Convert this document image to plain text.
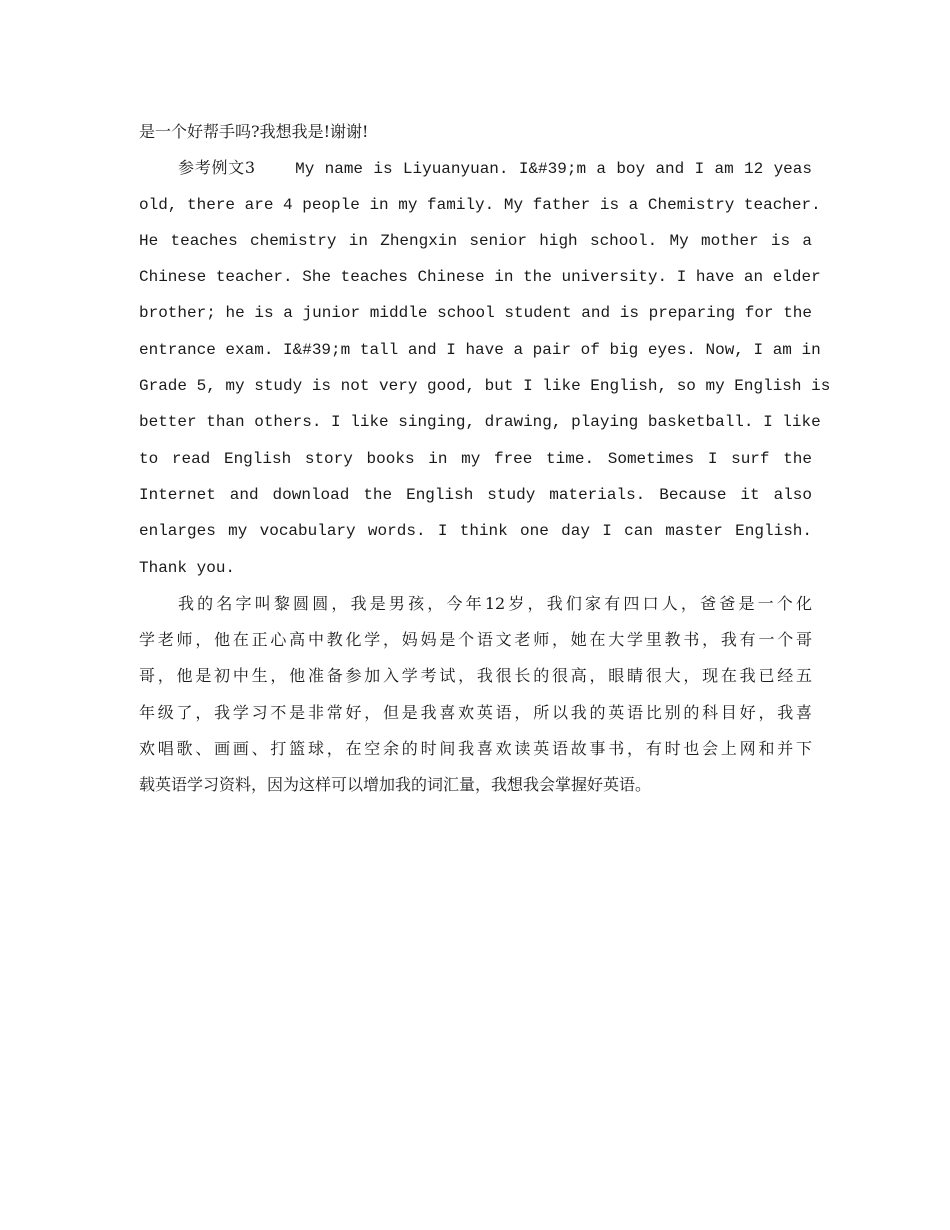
是一个好帮手吗?我想我是!谢谢!
参考例文3	My name is Liyuanyuan. I&#39;m a boy and I am 12 yeas
old, there are 4 people in my family. My father is a Chemistry teacher.
He teaches chemistry in Zhengxin senior high school. My mother is a
Chinese teacher. She teaches Chinese in the university. I have an elder
brother; he is a junior middle school student and is preparing for the
entrance exam. I&#39;m tall and I have a pair of big eyes. Now, I am in
Grade 5, my study is not very good, but I like English, so my English is
better than others. I like singing, drawing, playing basketball. I like
to read English story books in my free time. Sometimes I surf the
Internet and download the English study materials. Because it also
enlarges my vocabulary words. I think one day I can master English.
Thank you.
我的名字叫黎圆圆，我是男孩，今年12岁，我们家有四口人，爸爸是一个化
学老师，他在正心高中教化学，妈妈是个语文老师，她在大学里教书，我有一个哥
哥，他是初中生，他准备参加入学考试，我很长的很高，眼睛很大，现在我已经五
年级了，我学习不是非常好，但是我喜欢英语，所以我的英语比别的科目好，我喜
欢唱歌、画画、打篮球，在空余的时间我喜欢读英语故事书，有时也会上网和并下
载英语学习资料，因为这样可以增加我的词汇量，我想我会掌握好英语。
